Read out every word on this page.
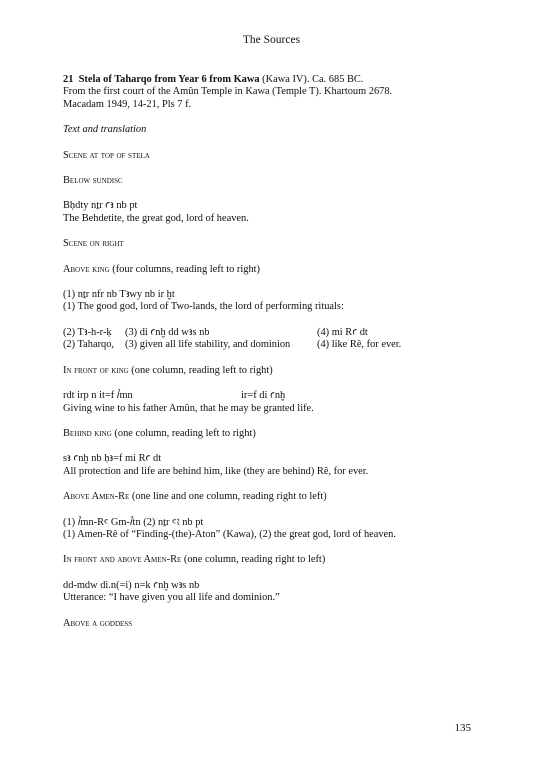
The Sources

21 Stela of Taharqo from Year 6 from Kawa (Kawa IV). Ca. 685 BC.

From the first court of the Amûn Temple in Kawa (Temple T). Khartoum 2678.

Macadam 1949, 14-21, Pls 7 f.

Text and translation

Scene at top of stela

Below sundisc

Bḥdty nṯr ꜥꜣ nb pt

The Behdetite, the great god, lord of heaven.

Scene on right

Above king (four columns, reading left to right)

(1) nṯr nfr nb Tꜣwy nb ir ḫt

(1) The good god, lord of Two-lands, the lord of performing rituals:

(2) Tꜣ-h-r-ḳ	(3) di ꜥnḫ dd wꜣs nb	(4) mi Rꜥ dt
(2) Taharqo,	(3) given all life stability, and dominion	(4) like Rê, for ever.

In front of king (one column, reading left to right)

rdt irp n it=f ꞽmn	ir=f di ꜥnḫ

Giving wine to his father Amûn, that he may be granted life.

Behind king (one column, reading left to right)

sꜣ ꜥnḫ nb ḥꜣ=f mi Rꜥ dt

All protection and life are behind him, like (they are behind) Rê, for ever.

Above Amen-Re (one line and one column, reading right to left)

(1) ꞽmn-Rꜥ Gm-ꞽtn (2) nṯr ꜥꜣ nb pt

(1) Amen-Rê of “Finding-(the)-Aton” (Kawa), (2) the great god, lord of heaven.

In front and above Amen-Re (one column, reading right to left)

dd-mdw di.n(=i) n=k ꜥnḫ wꜣs nb

Utterance: “I have given you all life and dominion.”

Above a goddess

135
